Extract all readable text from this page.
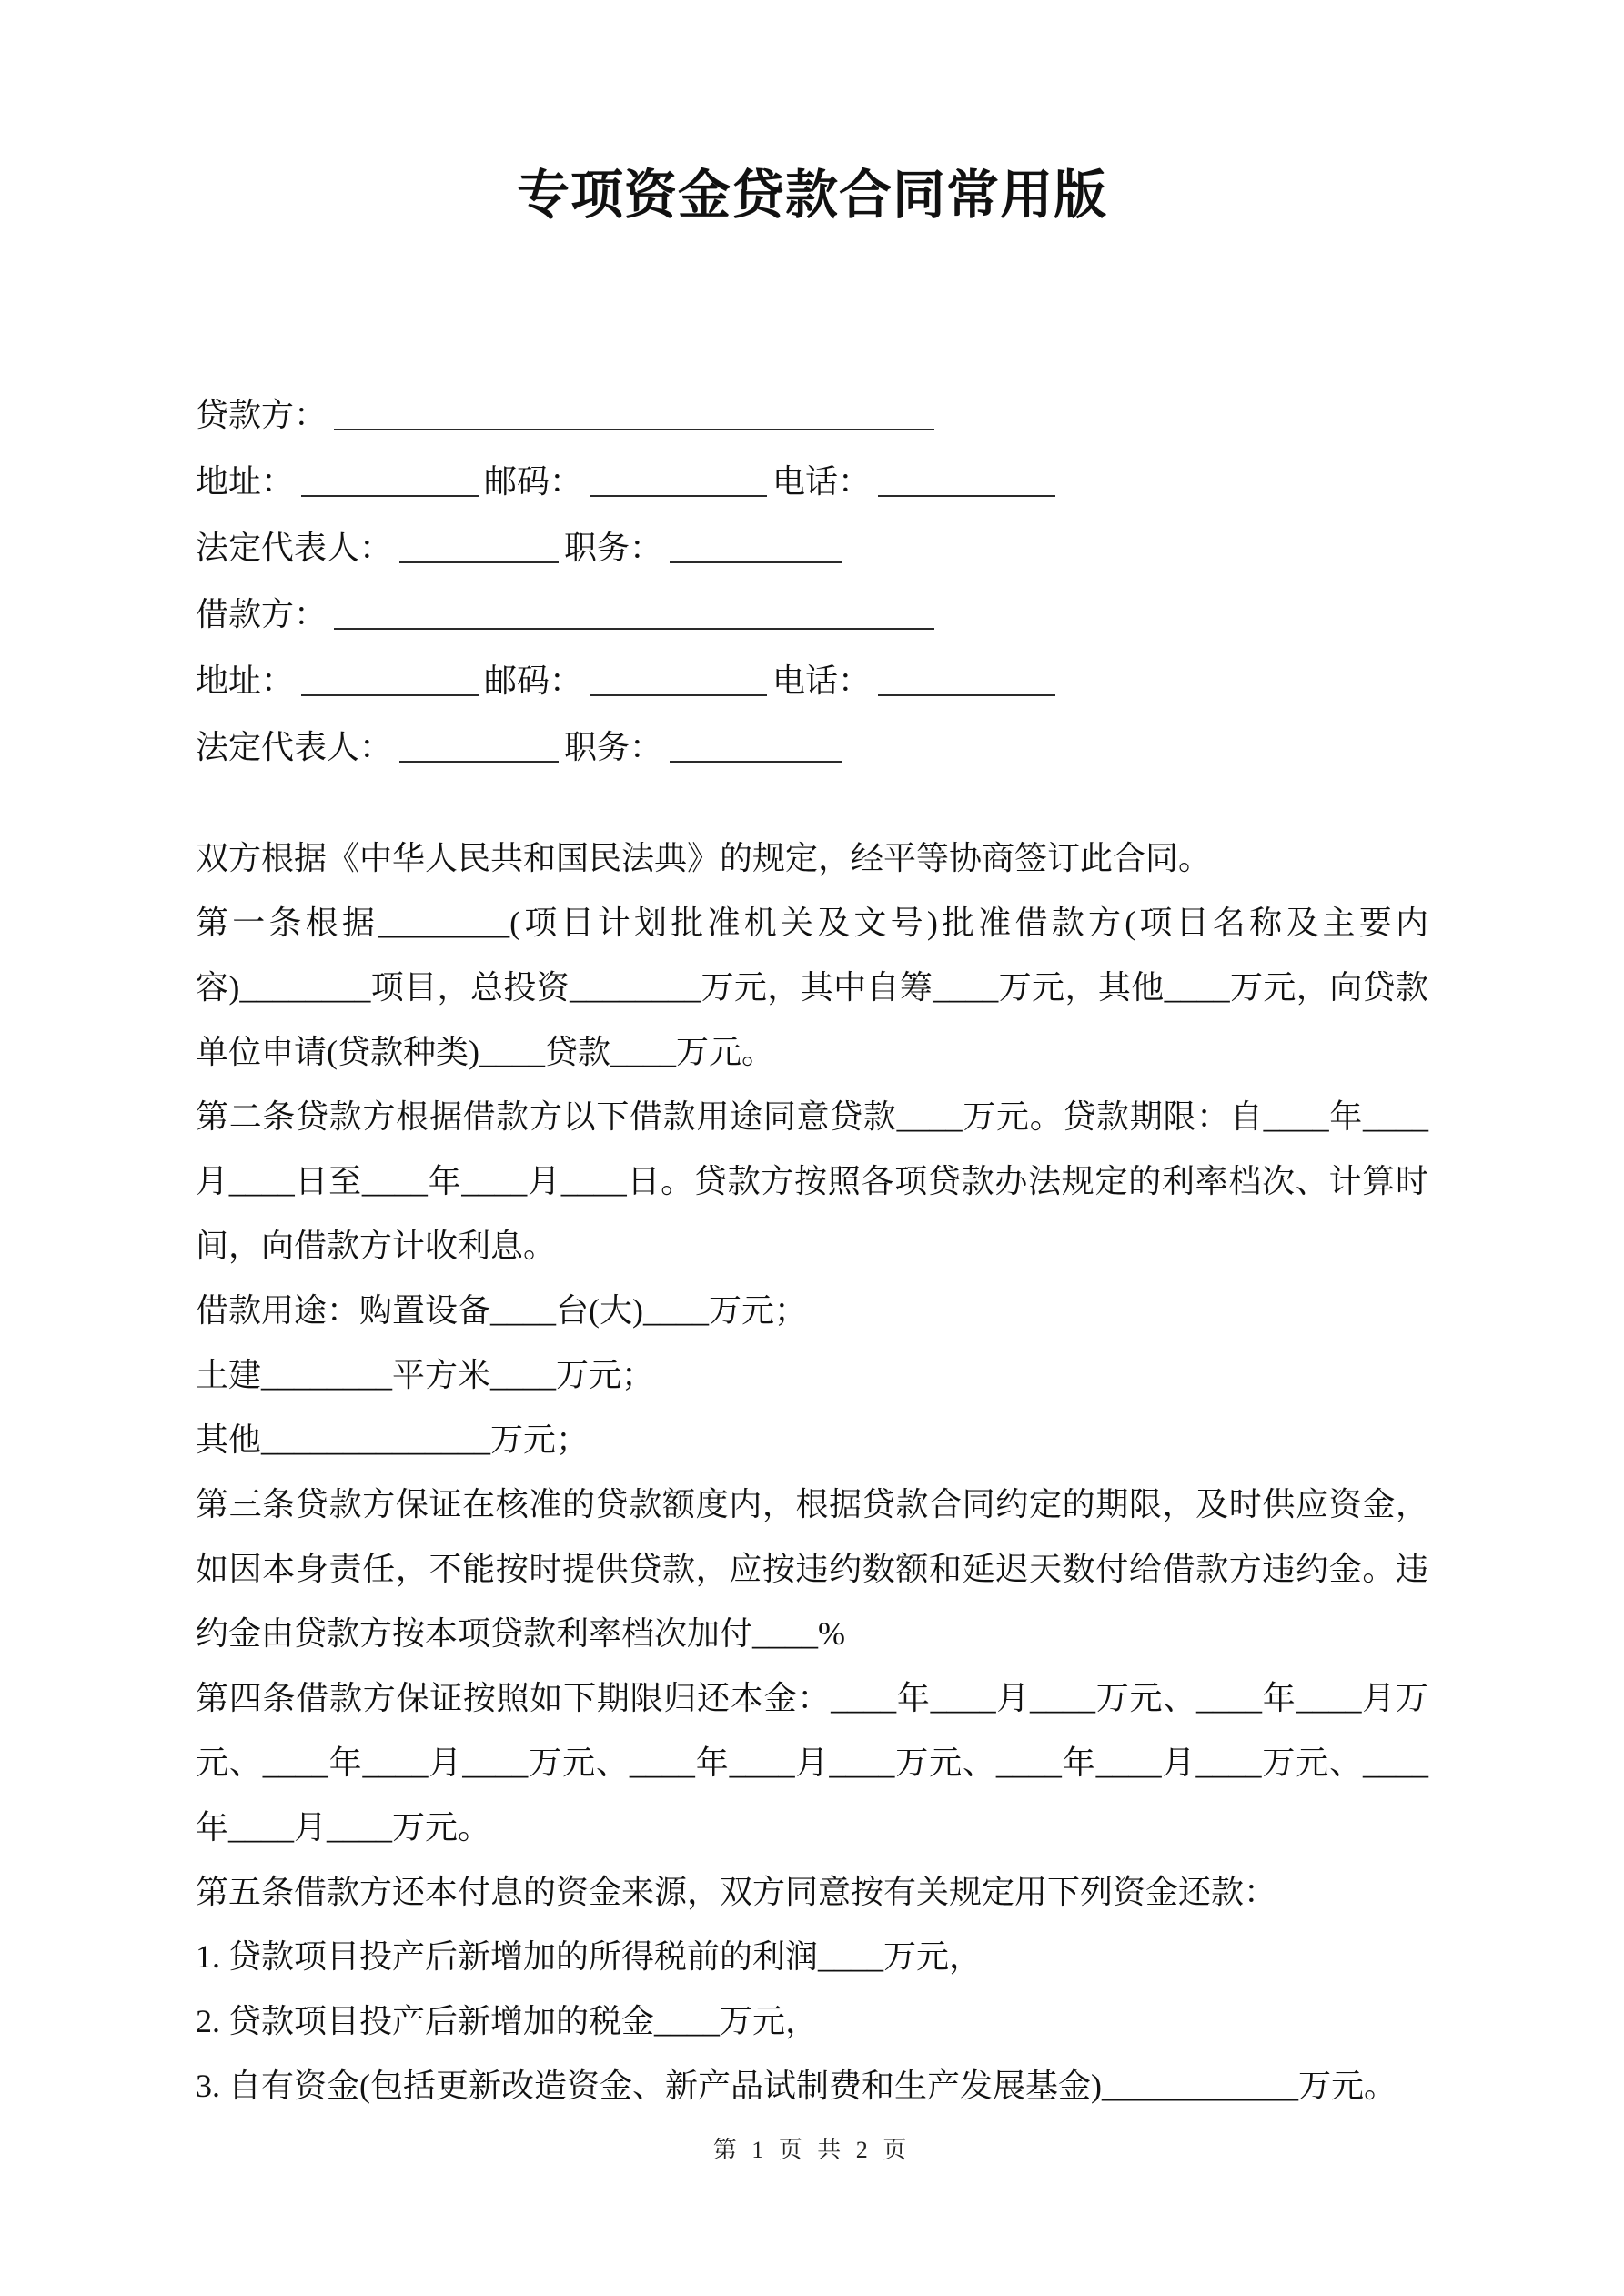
专项资金贷款合同常用版
贷款方：
地址：	邮码：	电话：
法定代表人：	职务：
借款方：
地址：	邮码：	电话：
法定代表人：	职务：

双方根据《中华人民共和国民法典》的规定，经平等协商签订此合同。

第一条根据________(项目计划批准机关及文号)批准借款方(项目名称及主要内容)________项目，总投资________万元，其中自筹____万元，其他____万元，向贷款单位申请(贷款种类)____贷款____万元。

第二条贷款方根据借款方以下借款用途同意贷款____万元。贷款期限：自____年____月____日至____年____月____日。贷款方按照各项贷款办法规定的利率档次、计算时间，向借款方计收利息。

借款用途：购置设备____台(大)____万元；

土建________平方米____万元；

其他______________万元；

第三条贷款方保证在核准的贷款额度内，根据贷款合同约定的期限，及时供应资金，如因本身责任，不能按时提供贷款，应按违约数额和延迟天数付给借款方违约金。违约金由贷款方按本项贷款利率档次加付____%

第四条借款方保证按照如下期限归还本金：____年____月____万元、____年____月万元、____年____月____万元、____年____月____万元、____年____月____万元、____年____月____万元。

第五条借款方还本付息的资金来源，双方同意按有关规定用下列资金还款：

1. 贷款项目投产后新增加的所得税前的利润____万元，

2. 贷款项目投产后新增加的税金____万元，

3. 自有资金(包括更新改造资金、新产品试制费和生产发展基金)____________万元。

第 1 页 共 2 页
